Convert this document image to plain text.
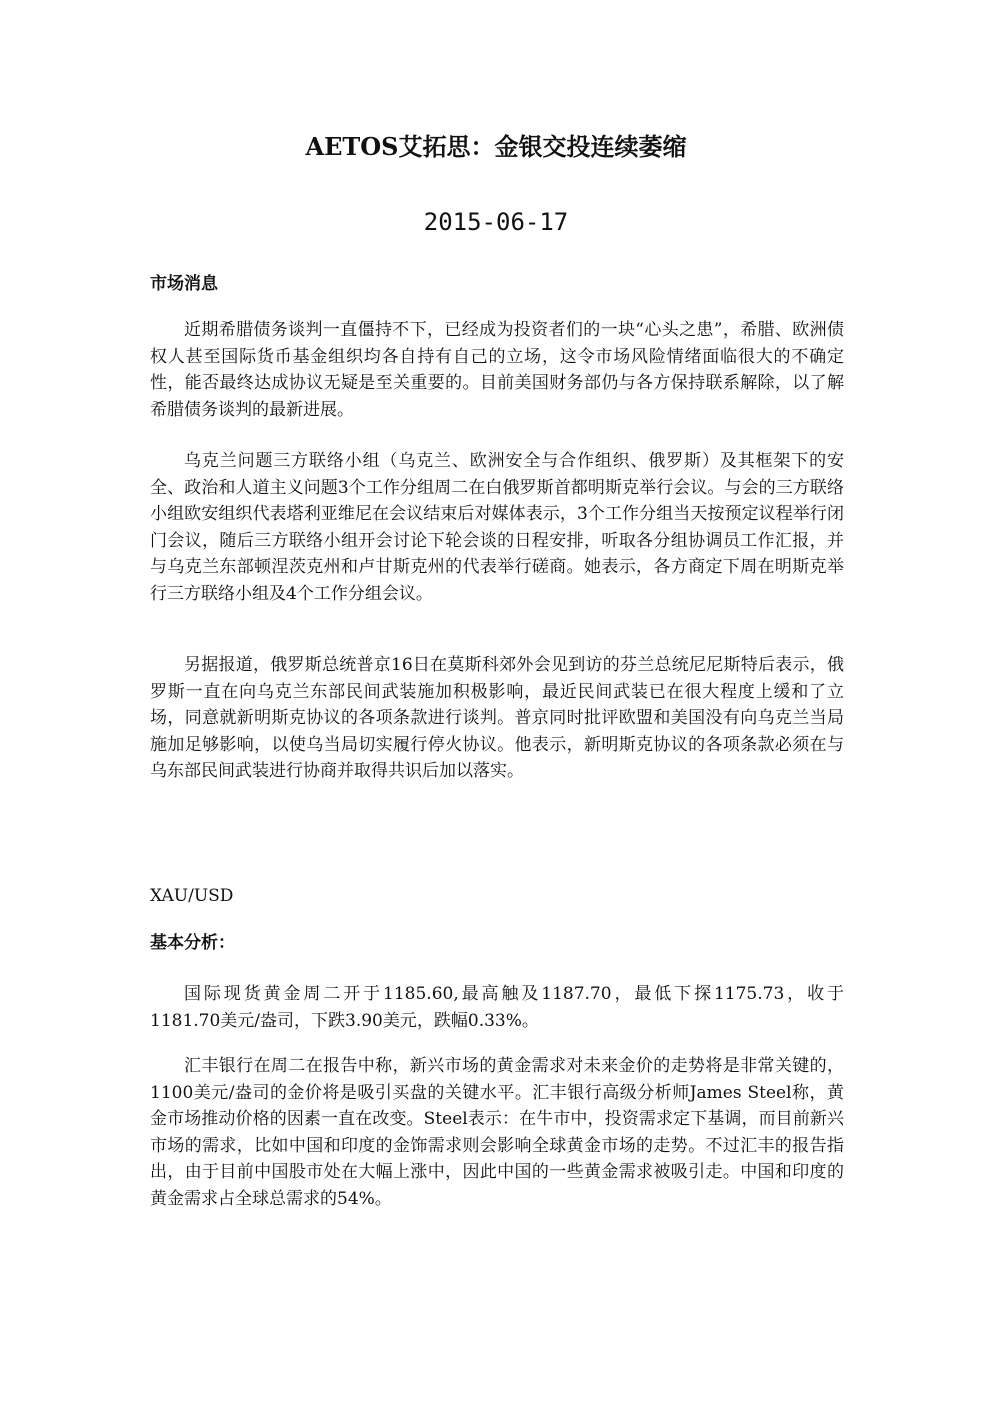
AETOS艾拓思：金银交投连续萎缩
2015-06-17
市场消息

近期希腊债务谈判一直僵持不下，已经成为投资者们的一块“心头之患”，希腊、欧洲债权人甚至国际货币基金组织均各自持有自己的立场，这令市场风险情绪面临很大的不确定性，能否最终达成协议无疑是至关重要的。目前美国财务部仍与各方保持联系解除，以了解希腊债务谈判的最新进展。

乌克兰问题三方联络小组（乌克兰、欧洲安全与合作组织、俄罗斯）及其框架下的安全、政治和人道主义问题3个工作分组周二在白俄罗斯首都明斯克举行会议。与会的三方联络小组欧安组织代表塔利亚维尼在会议结束后对媒体表示，3个工作分组当天按预定议程举行闭门会议，随后三方联络小组开会讨论下轮会谈的日程安排，听取各分组协调员工作汇报，并与乌克兰东部顿涅茨克州和卢甘斯克州的代表举行磋商。她表示，各方商定下周在明斯克举行三方联络小组及4个工作分组会议。

另据报道，俄罗斯总统普京16日在莫斯科郊外会见到访的芬兰总统尼尼斯特后表示，俄罗斯一直在向乌克兰东部民间武装施加积极影响，最近民间武装已在很大程度上缓和了立场，同意就新明斯克协议的各项条款进行谈判。普京同时批评欧盟和美国没有向乌克兰当局施加足够影响，以使乌当局切实履行停火协议。他表示，新明斯克协议的各项条款必须在与乌东部民间武装进行协商并取得共识后加以落实。

XAU/USD
基本分析：

国际现货黄金周二开于1185.60,最高触及1187.70，最低下探1175.73，收于1181.70美元/盎司，下跌3.90美元，跌幅0.33%。

汇丰银行在周二在报告中称，新兴市场的黄金需求对未来金价的走势将是非常关键的，1100美元/盎司的金价将是吸引买盘的关键水平。汇丰银行高级分析师James Steel称，黄金市场推动价格的因素一直在改变。Steel表示：在牛市中，投资需求定下基调，而目前新兴市场的需求，比如中国和印度的金饰需求则会影响全球黄金市场的走势。不过汇丰的报告指出，由于目前中国股市处在大幅上涨中，因此中国的一些黄金需求被吸引走。中国和印度的黄金需求占全球总需求的54%。
